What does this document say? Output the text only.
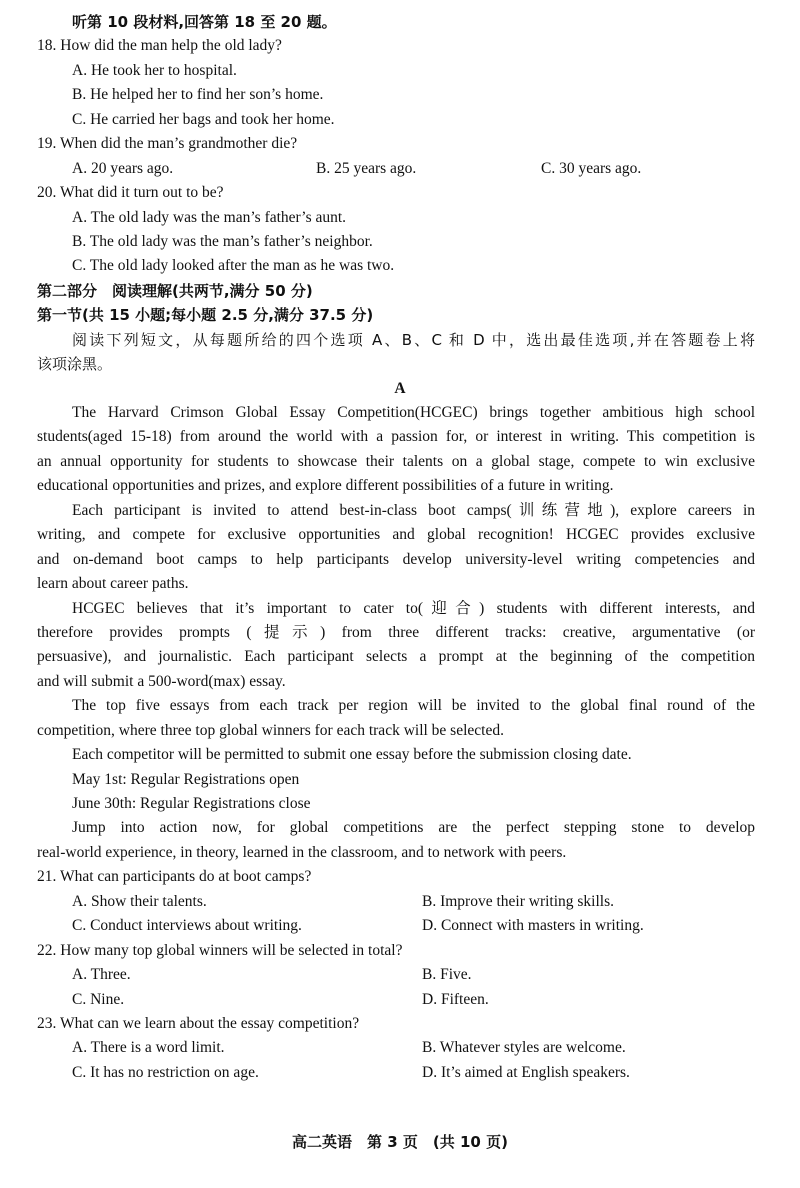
听第 10 段材料,回答第 18 至 20 题。
18. How did the man help the old lady?
A. He took her to hospital.
B. He helped her to find her son’s home.
C. He carried her bags and took her home.
19. When did the man’s grandmother die?
A. 20 years ago.	B. 25 years ago.	C. 30 years ago.
20. What did it turn out to be?
A. The old lady was the man’s father’s aunt.
B. The old lady was the man’s father’s neighbor.
C. The old lady looked after the man as he was two.
第二部分　阅读理解(共两节,满分 50 分)
第一节(共 15 小题;每小题 2.5 分,满分 37.5 分)
阅读下列短文，从每题所给的四个选项 A、B、C 和 D 中，选出最佳选项,并在答题卷上将
该项涂黑。
A
The Harvard Crimson Global Essay Competition(HCGEC) brings together ambitious high school
students(aged 15-18) from around the world with a passion for, or interest in writing. This competition is
an annual opportunity for students to showcase their talents on a global stage, compete to win exclusive
educational opportunities and prizes, and explore different possibilities of a future in writing.
Each participant is invited to attend best-in-class boot camps(训练营地), explore careers in
writing, and compete for exclusive opportunities and global recognition! HCGEC provides exclusive
and on-demand boot camps to help participants develop university-level writing competencies and
learn about career paths.
HCGEC believes that it’s important to cater to(迎合) students with different interests, and
therefore provides prompts (提示) from three different tracks: creative, argumentative (or
persuasive), and journalistic. Each participant selects a prompt at the beginning of the competition
and will submit a 500-word(max) essay.
The top five essays from each track per region will be invited to the global final round of the
competition, where three top global winners for each track will be selected.
Each competitor will be permitted to submit one essay before the submission closing date.
May 1st: Regular Registrations open
June 30th: Regular Registrations close
Jump into action now, for global competitions are the perfect stepping stone to develop
real-world experience, in theory, learned in the classroom, and to network with peers.
21. What can participants do at boot camps?
A. Show their talents.	B. Improve their writing skills.
C. Conduct interviews about writing.	D. Connect with masters in writing.
22. How many top global winners will be selected in total?
A. Three.	B. Five.
C. Nine.	D. Fifteen.
23. What can we learn about the essay competition?
A. There is a word limit.	B. Whatever styles are welcome.
C. It has no restriction on age.	D. It’s aimed at English speakers.
高二英语　第 3 页　(共 10 页)
